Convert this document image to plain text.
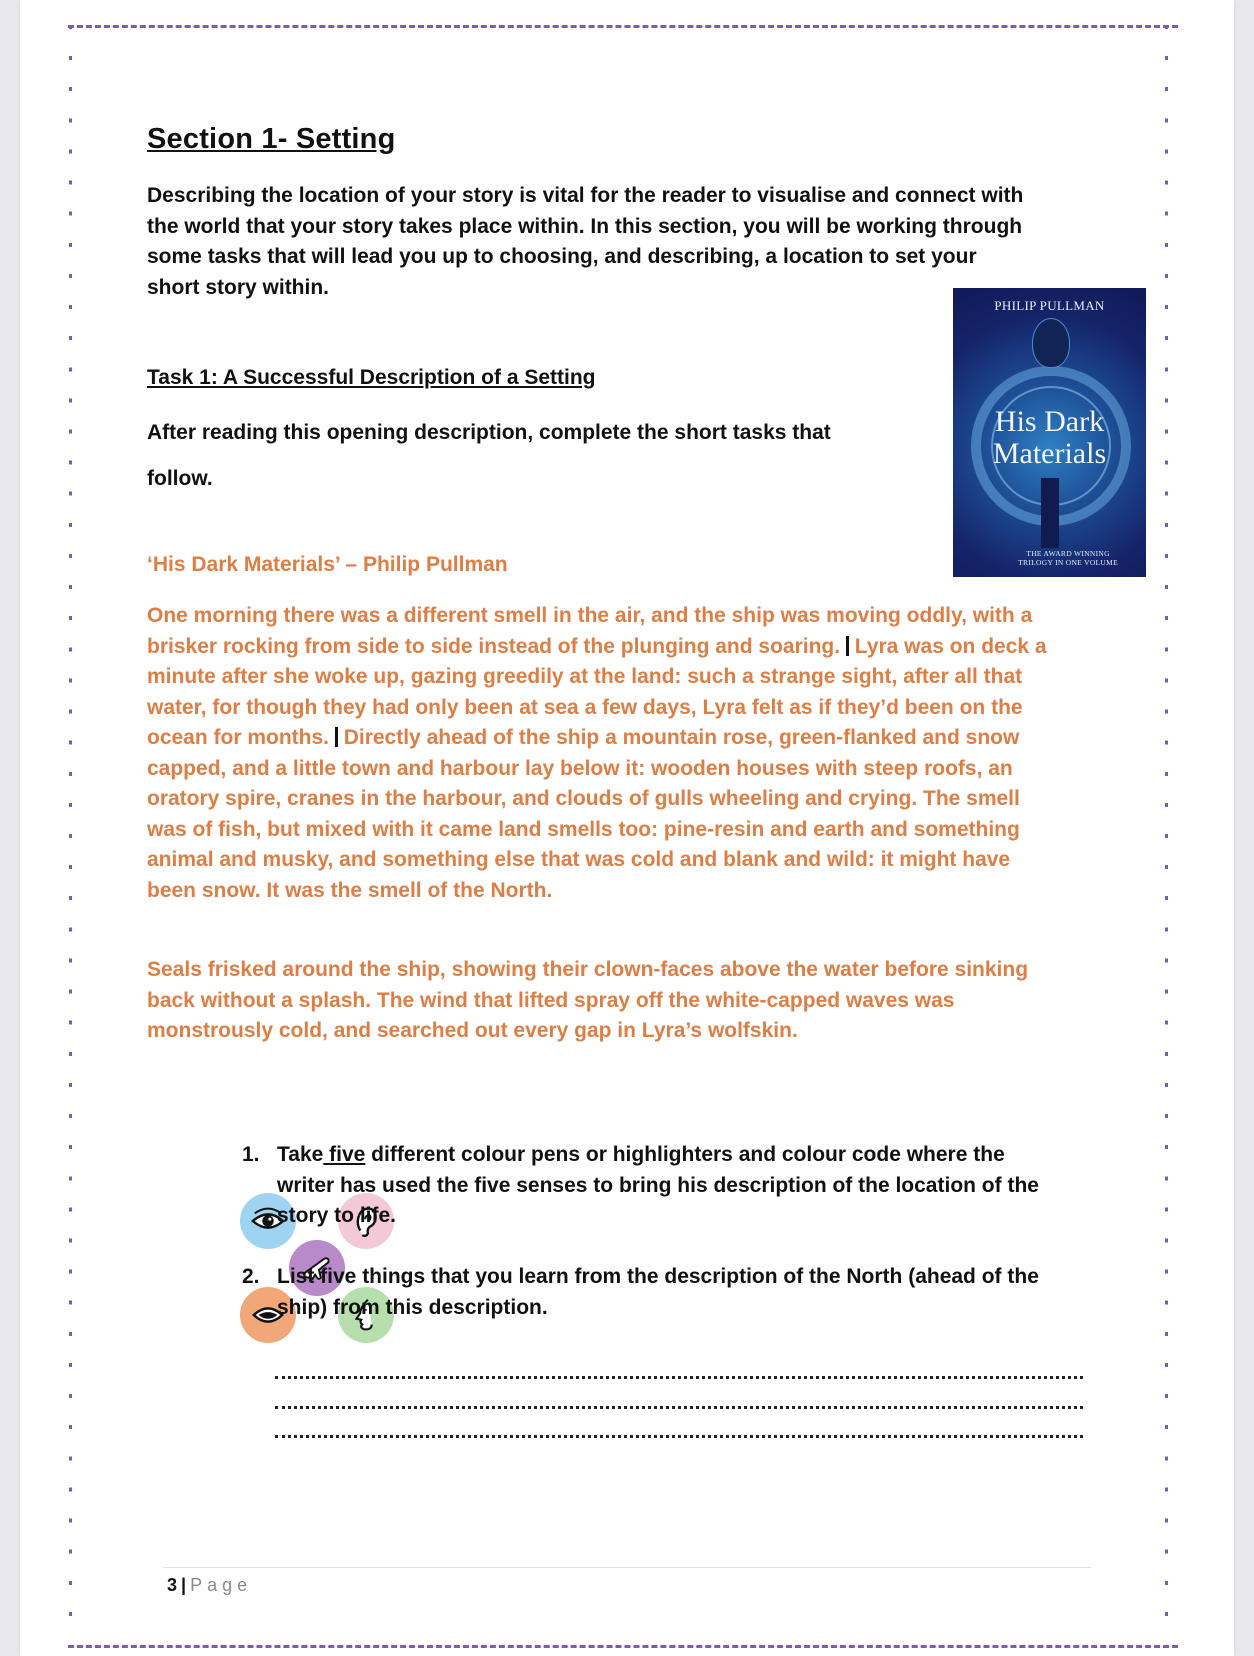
Section 1- Setting
Describing the location of your story is vital for the reader to visualise and connect with the world that your story takes place within. In this section, you will be working through some tasks that will lead you up to choosing, and describing, a location to set your short story within.
Task 1: A Successful Description of a Setting
After reading this opening description, complete the short tasks that follow.
‘His Dark Materials’ – Philip Pullman
One morning there was a different smell in the air, and the ship was moving oddly, with a brisker rocking from side to side instead of the plunging and soaring.  Lyra was on deck a minute after she woke up, gazing greedily at the land: such a strange sight, after all that water, for though they had only been at sea a few days, Lyra felt as if they’d been on the ocean for months.  Directly ahead of the ship a mountain rose, green-flanked and snow capped, and a little town and harbour lay below it: wooden houses with steep roofs, an oratory spire, cranes in the harbour, and clouds of gulls wheeling and crying. The smell was of fish, but mixed with it came land smells too: pine-resin and earth and something animal and musky, and something else that was cold and blank and wild: it might have been snow. It was the smell of the North.
Seals frisked around the ship, showing their clown-faces above the water before sinking back without a splash. The wind that lifted spray off the white-capped waves was monstrously cold, and searched out every gap in Lyra’s wolfskin.
1. Take five different colour pens or highlighters and colour code where the writer has used the five senses to bring his description of the location of the story to life.
2. List five things that you learn from the description of the North (ahead of the ship) from this description.
PHILIP PULLMAN
His Dark
Materials
THE AWARD WINNING
TRILOGY IN ONE VOLUME
3 | Page
